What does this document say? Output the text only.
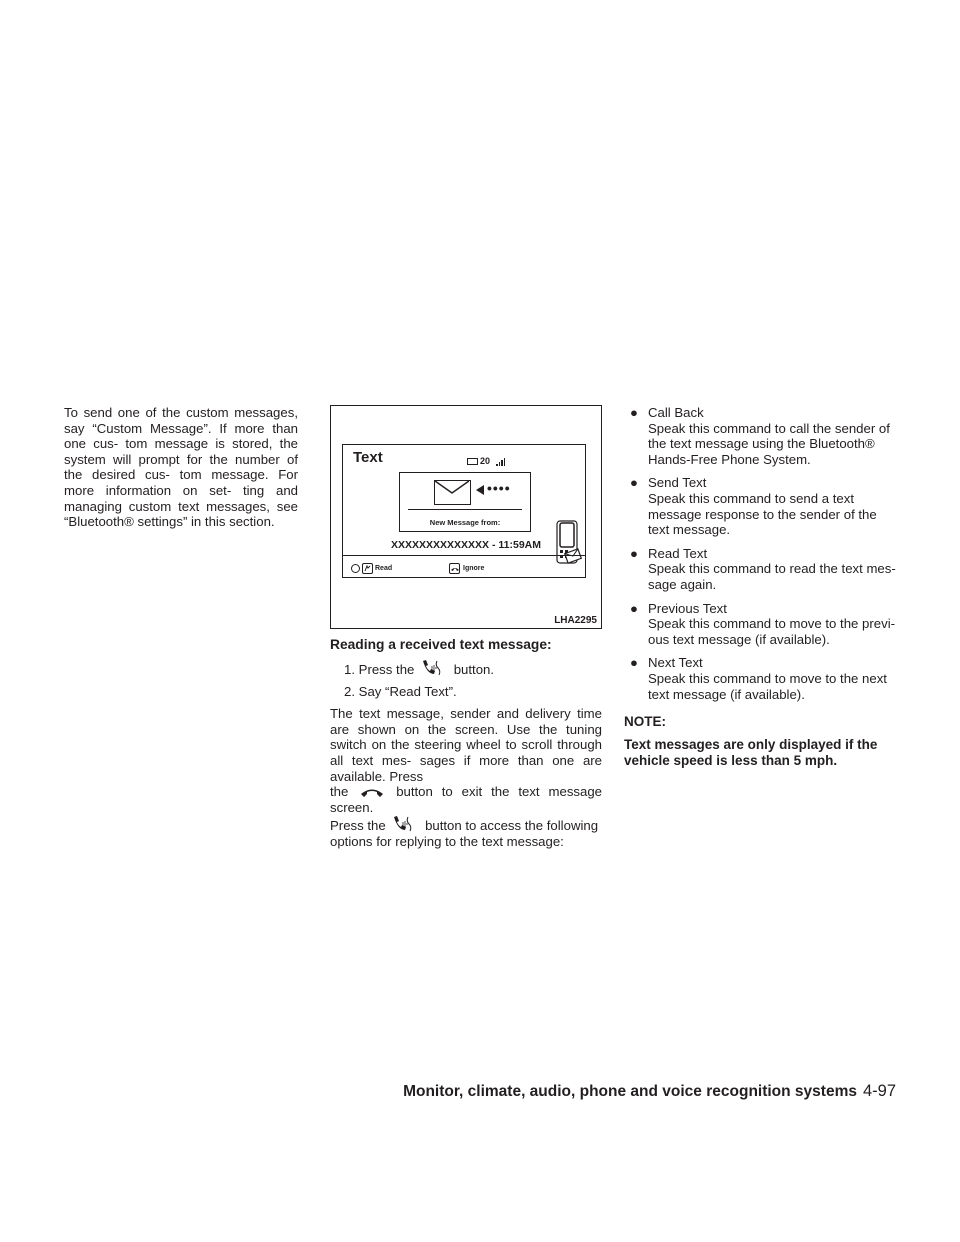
To send one of the custom messages, say “Custom Message”. If more than one cus- tom message is stored, the system will prompt for the number of the desired cus- tom message. For more information on set- ting and managing custom text messages, see “Bluetooth® settings” in this section.

Text	20
••••
New Message from:
XXXXXXXXXXXXXX - 11:59AM
Read	Ignore
LHA2295

Reading a received text message:

1. Press the	button.

2. Say “Read Text”.

The text message, sender and delivery time are shown on the screen. Use the tuning switch on the steering wheel to scroll through all text mes- sages if more than one are available. Press
the	button to exit the text message screen.
Press the	button to access the following
options for replying to the text message:

● Call Back
Speak this command to call the sender of the text message using the Bluetooth® Hands-Free Phone System.
● Send Text
Speak this command to send a text message response to the sender of the text message.
● Read Text
Speak this command to read the text mes- sage again.
● Previous Text
Speak this command to move to the previ- ous text message (if available).
● Next Text
Speak this command to move to the next text message (if available).

NOTE:

Text messages are only displayed if the vehicle speed is less than 5 mph.

Monitor, climate, audio, phone and voice recognition systems 4-97
